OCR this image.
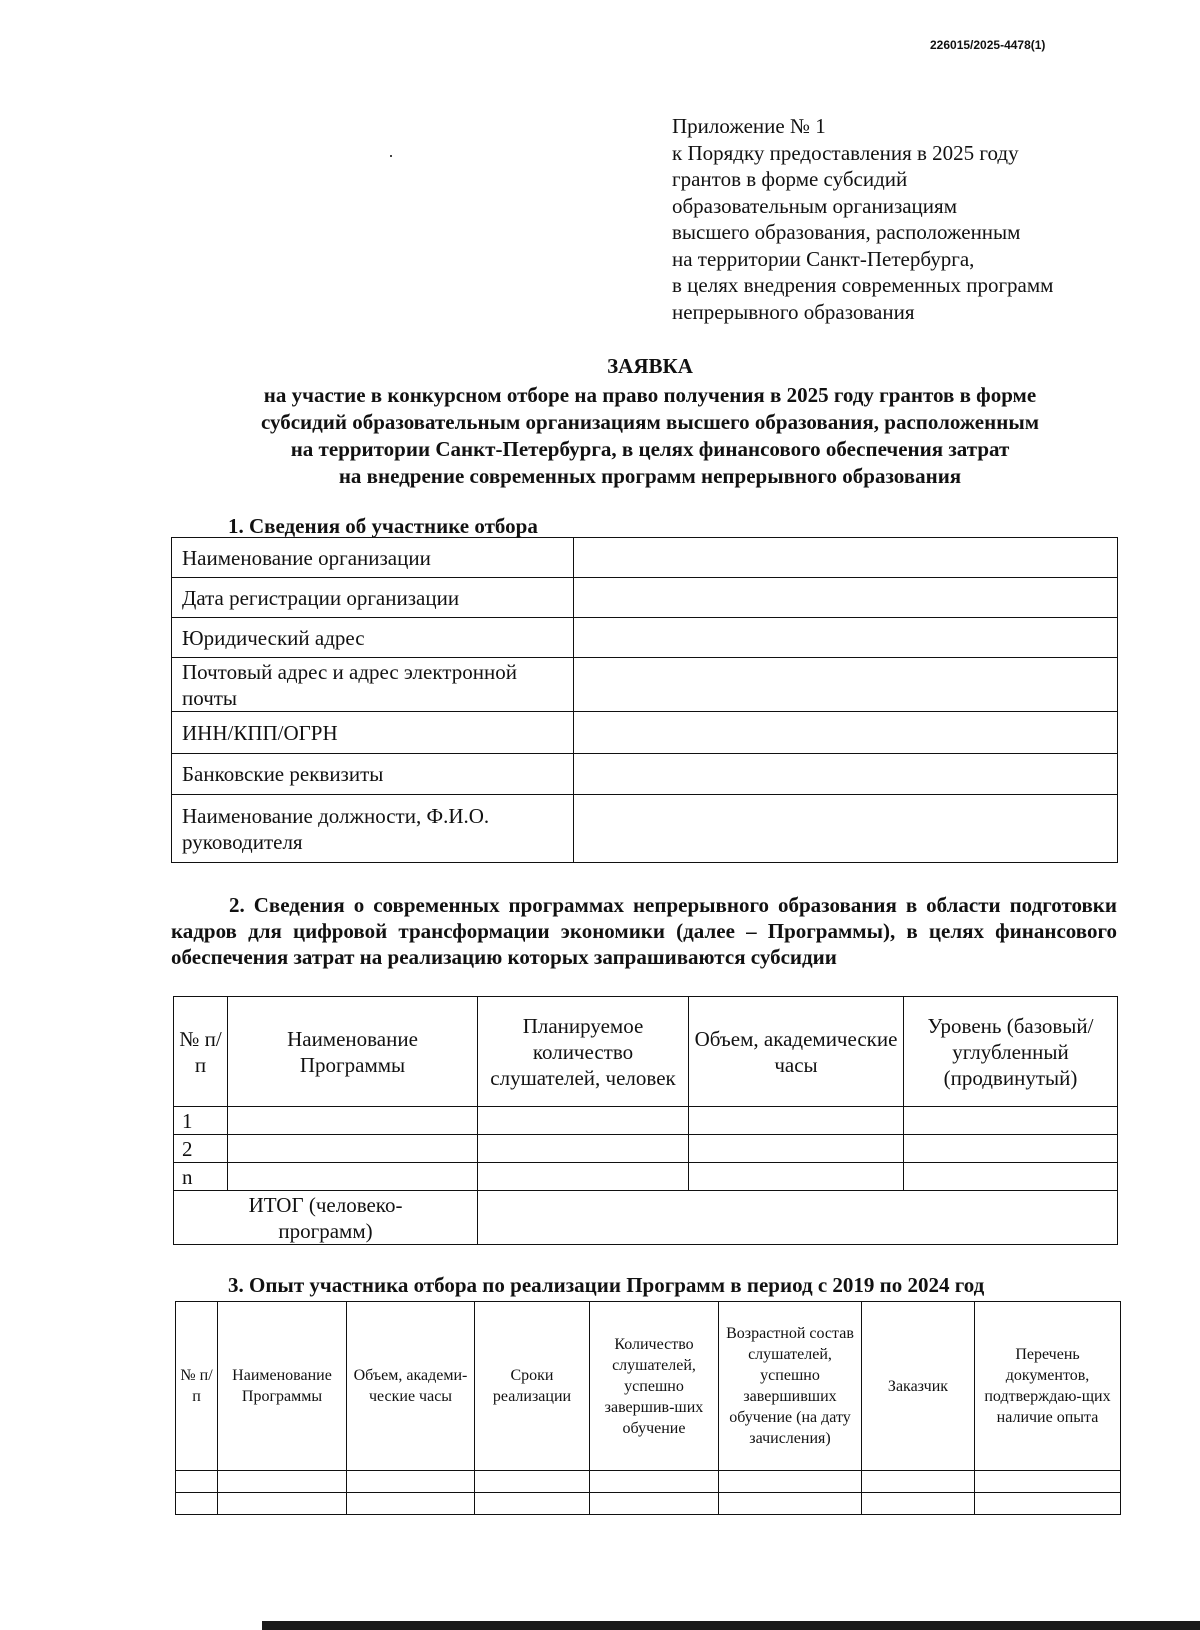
226015/2025-4478(1)
Приложение № 1
к Порядку предоставления в 2025 году
грантов в форме субсидий
образовательным организациям
высшего образования, расположенным
на территории Санкт-Петербурга,
в целях внедрения современных программ
непрерывного образования
ЗАЯВКА
на участие в конкурсном отборе на право получения в 2025 году грантов в форме
субсидий образовательным организациям высшего образования, расположенным
на территории Санкт-Петербурга, в целях финансового обеспечения затрат
на внедрение современных программ непрерывного образования
1. Сведения об участнике отбора
Наименование организации	
Дата регистрации организации	
Юридический адрес	
Почтовый адрес и адрес электронной почты	
ИНН/КПП/ОГРН	
Банковские реквизиты	
Наименование должности, Ф.И.О. руководителя	
2. Сведения о современных программах непрерывного образования в области подготовки кадров для цифровой трансформации экономики (далее – Программы), в целях финансового обеспечения затрат на реализацию которых запрашиваются субсидии
№ п/п	Наименование Программы	Планируемое количество слушателей, человек	Объем, академические часы	Уровень (базовый/ углубленный (продвинутый)
1				
2				
n				
ИТОГ (человеко-программ)				
3. Опыт участника отбора по реализации Программ в период с 2019 по 2024 год
№ п/п	Наименование Программы	Объем, академи-ческие часы	Сроки реализации	Количество слушателей, успешно завершив-ших обучение	Возрастной состав слушателей, успешно завершивших обучение (на дату зачисления)	Заказчик	Перечень документов, подтверждаю-щих наличие опыта
